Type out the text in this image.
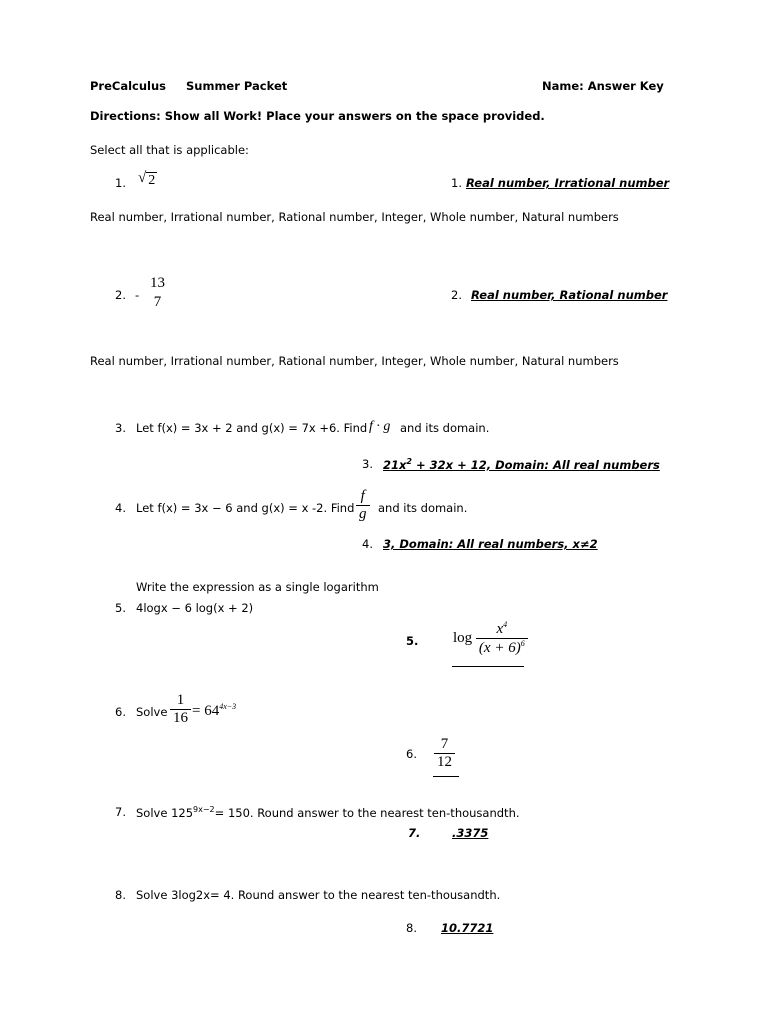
PreCalculus Summer Packet	Name: Answer Key
Directions: Show all Work! Place your answers on the space provided.
Select all that is applicable:
1. √ 2	1. Real number, Irrational number
Real number, Irrational number, Rational number, Integer, Whole number, Natural numbers
2. -
13
7	2. Real number, Rational number
Real number, Irrational number, Rational number, Integer, Whole number, Natural numbers
3. Let f(x) = 3x + 2 and g(x) = 7x +6. Find f · g and its domain.
3. $21x^2 + 32x + 12$, Domain: All real numbers
4. Let f(x) = 3x − 6 and g(x) = x -2. Find $\frac{f}{g}$ and its domain.
4. 3, Domain: All real numbers, x≠2
Write the expression as a single logarithm
5. 4logx − 6 log(x + 2)
5. $\log \frac{x^4}{(x + 6)^6}$
6. Solve $\frac{1}{16} = 64^{4x-3}$
6. $\frac{7}{12}$
7. Solve $125^{9x-2}= 150$. Round answer to the nearest ten-thousandth.
7.	.3375
8. Solve 3log2x= 4. Round answer to the nearest ten-thousandth.
8. 10.7721
